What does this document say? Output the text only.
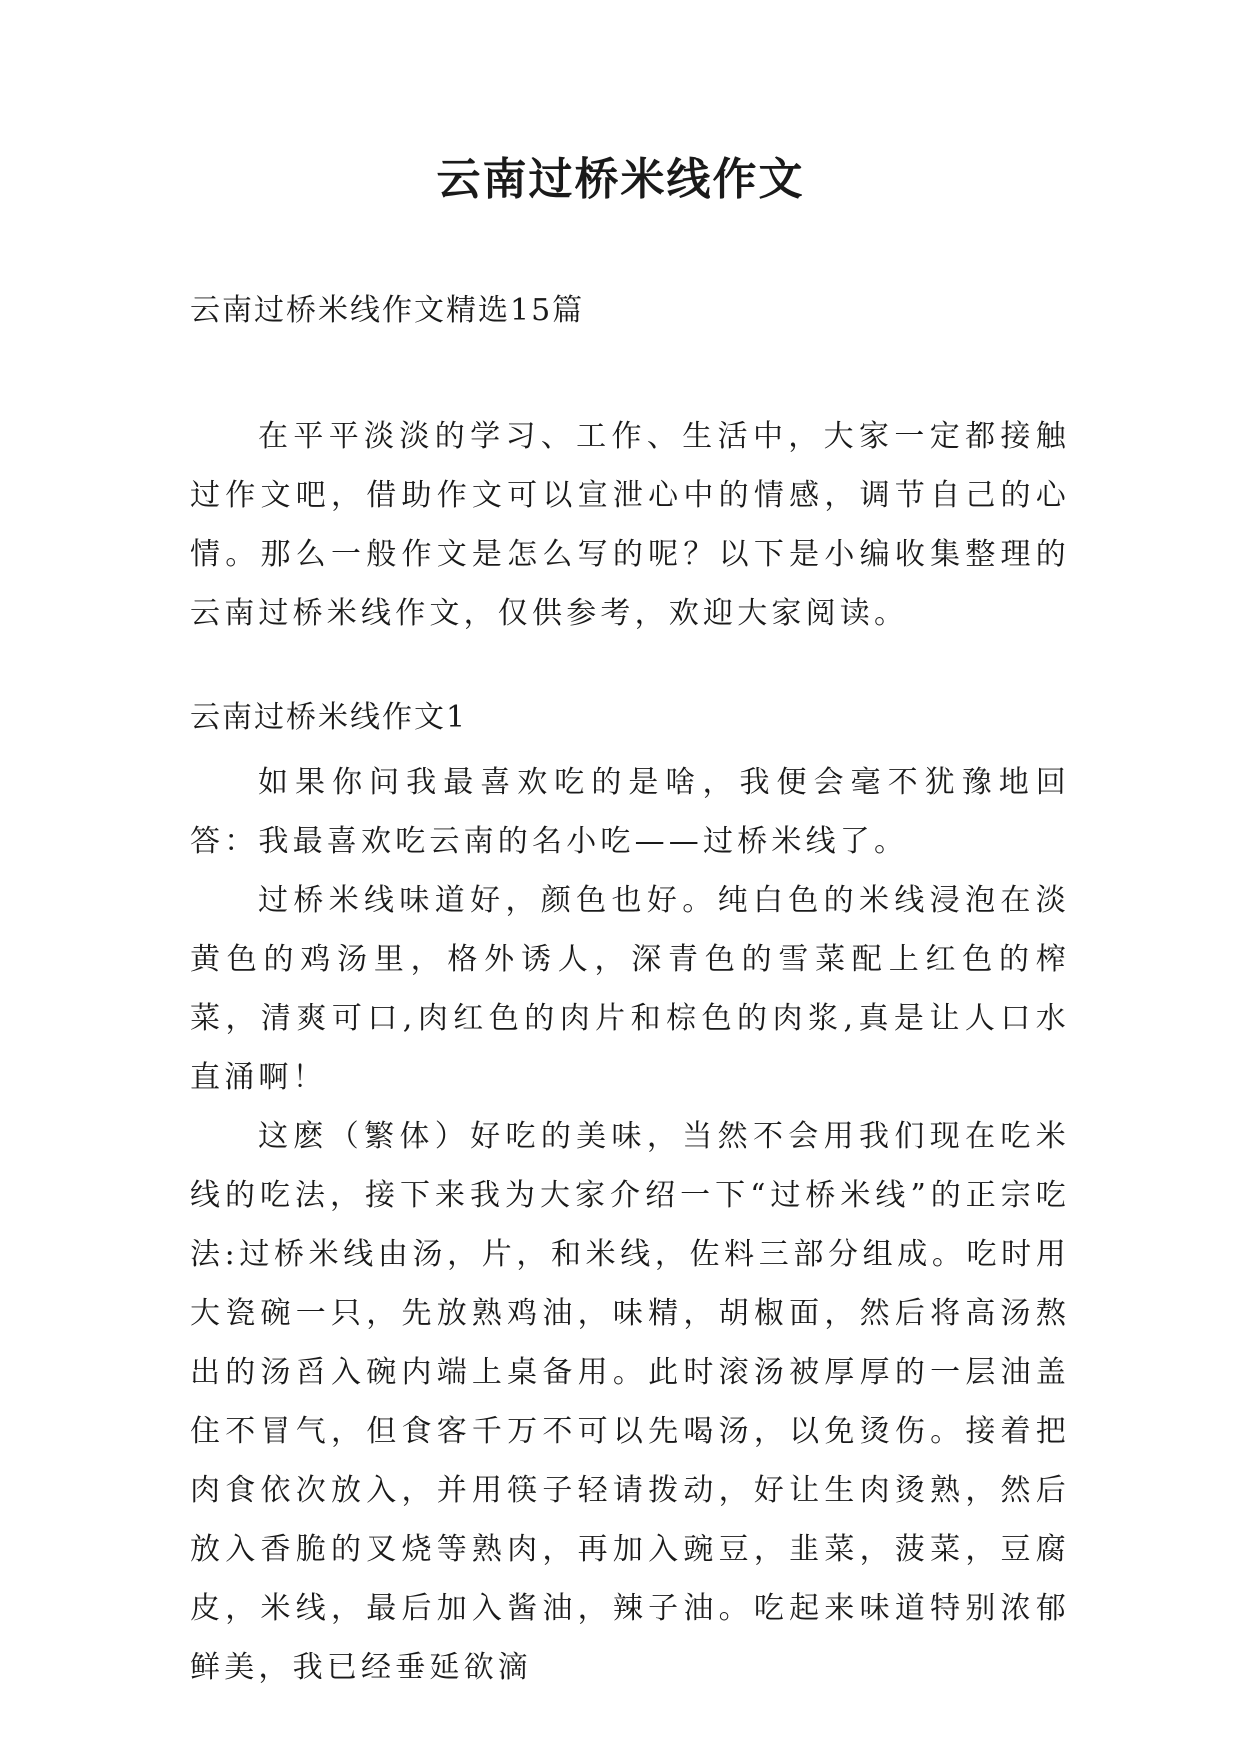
云南过桥米线作文

云南过桥米线作文精选15篇

在平平淡淡的学习、工作、生活中，大家一定都接触过作文吧，借助作文可以宣泄心中的情感，调节自己的心情。那么一般作文是怎么写的呢？以下是小编收集整理的云南过桥米线作文，仅供参考，欢迎大家阅读。

云南过桥米线作文1

如果你问我最喜欢吃的是啥，我便会毫不犹豫地回答：我最喜欢吃云南的名小吃——过桥米线了。

过桥米线味道好，颜色也好。纯白色的米线浸泡在淡黄色的鸡汤里，格外诱人，深青色的雪菜配上红色的榨菜，清爽可口,肉红色的肉片和棕色的肉浆,真是让人口水直涌啊！

这麽（繁体）好吃的美味，当然不会用我们现在吃米线的吃法，接下来我为大家介绍一下“过桥米线”的正宗吃法:过桥米线由汤，片，和米线，佐料三部分组成。吃时用大瓷碗一只，先放熟鸡油，味精，胡椒面，然后将高汤熬出的汤舀入碗内端上桌备用。此时滚汤被厚厚的一层油盖住不冒气，但食客千万不可以先喝汤，以免烫伤。接着把肉食依次放入，并用筷子轻请拨动，好让生肉烫熟，然后放入香脆的叉烧等熟肉，再加入豌豆，韭菜，菠菜，豆腐皮，米线，最后加入酱油，辣子油。吃起来味道特别浓郁鲜美，我已经垂延欲滴
